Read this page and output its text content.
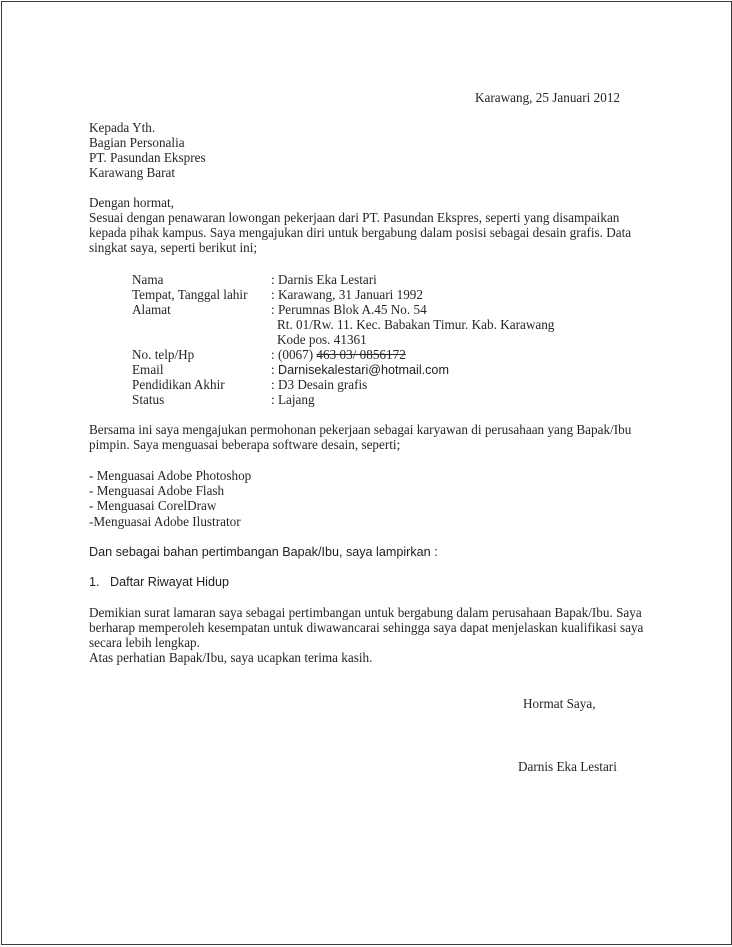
Karawang, 25 Januari 2012
Kepada Yth.
Bagian Personalia
PT. Pasundan Ekspres
Karawang Barat
Dengan hormat,
Sesuai dengan penawaran lowongan pekerjaan dari PT. Pasundan Ekspres, seperti yang disampaikan
kepada pihak kampus. Saya mengajukan diri untuk bergabung dalam posisi sebagai desain grafis. Data
singkat saya, seperti berikut ini;
Nama	: Darnis Eka Lestari
Tempat, Tanggal lahir : Karawang, 31 Januari 1992
Alamat	: Perumnas Blok A.45 No. 54
Rt. 01/Rw. 11. Kec. Babakan Timur. Kab. Karawang
Kode pos. 41361
No. telp/Hp	: (0067) 463 03/ 0856172
Email	: Darnisekalestari@hotmail.com
Pendidikan Akhir	: D3 Desain grafis
Status	: Lajang
Bersama ini saya mengajukan permohonan pekerjaan sebagai karyawan di perusahaan yang Bapak/Ibu
pimpin. Saya menguasai beberapa software desain, seperti;
- Menguasai Adobe Photoshop
- Menguasai Adobe Flash
- Menguasai CorelDraw
-Menguasai Adobe Ilustrator
Dan sebagai bahan pertimbangan Bapak/Ibu, saya lampirkan :
1. Daftar Riwayat Hidup
Demikian surat lamaran saya sebagai pertimbangan untuk bergabung dalam perusahaan Bapak/Ibu. Saya
berharap memperoleh kesempatan untuk diwawancarai sehingga saya dapat menjelaskan kualifikasi saya
secara lebih lengkap.
Atas perhatian Bapak/Ibu, saya ucapkan terima kasih.
Hormat Saya,
Darnis Eka Lestari
